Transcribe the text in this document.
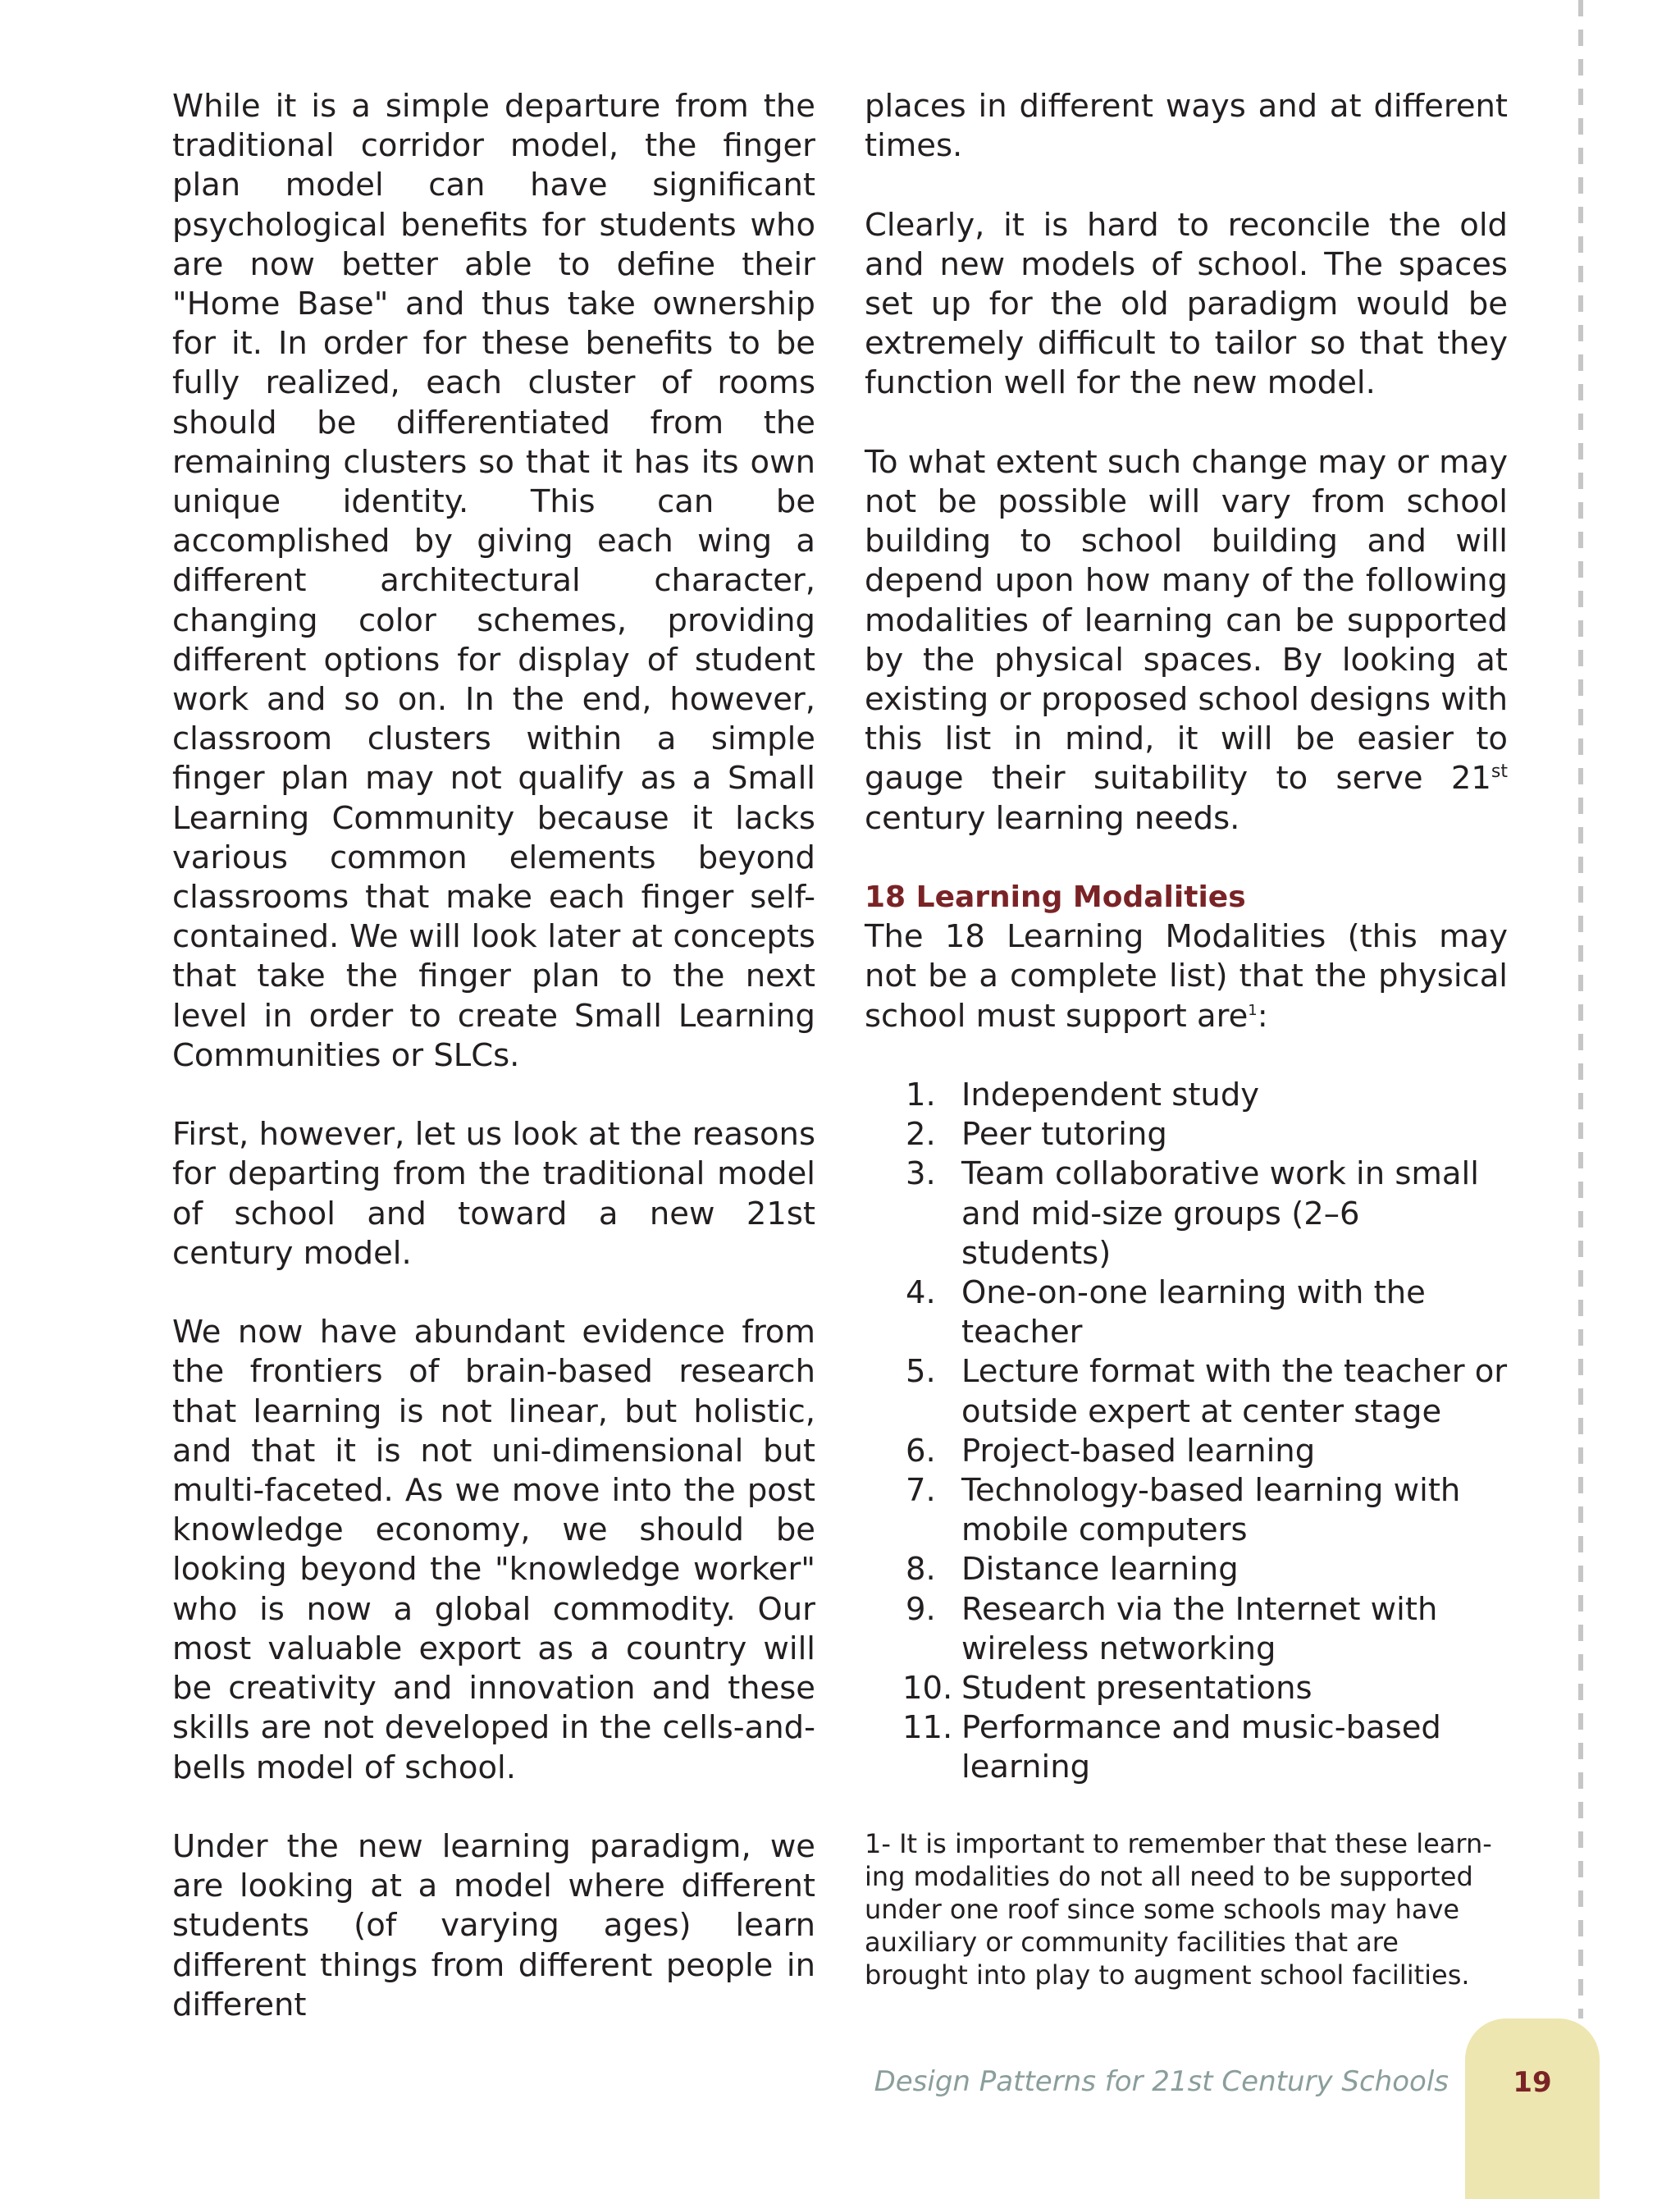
While it is a simple departure from the traditional corridor model, the finger plan model can have significant psychological benefits for students who are now better able to define their "Home Base" and thus take ownership for it. In order for these benefits to be fully realized, each cluster of rooms should be differentiated from the remaining clusters so that it has its own unique identity. This can be accomplished by giving each wing a different architectural character, changing color schemes, providing different options for display of student work and so on. In the end, however, classroom clusters within a simple finger plan may not qualify as a Small Learning Community because it lacks various common elements beyond classrooms that make each finger self-contained. We will look later at concepts that take the finger plan to the next level in order to create Small Learning Communities or SLCs.

First, however, let us look at the reasons for departing from the traditional model of school and toward a new 21st century model.

We now have abundant evidence from the frontiers of brain-based research that learning is not linear, but holistic, and that it is not uni-dimensional but multi-faceted. As we move into the post knowledge economy, we should be looking beyond the "knowledge worker" who is now a global commodity. Our most valuable export as a country will be creativity and innovation and these skills are not developed in the cells-and-bells model of school.

Under the new learning paradigm, we are looking at a model where different students (of varying ages) learn different things from different people in different

places in different ways and at different times.

Clearly, it is hard to reconcile the old and new models of school. The spaces set up for the old paradigm would be extremely difficult to tailor so that they function well for the new model.

To what extent such change may or may not be possible will vary from school building to school building and will depend upon how many of the following modalities of learning can be supported by the physical spaces. By looking at existing or proposed school designs with this list in mind, it will be easier to gauge their suitability to serve 21st century learning needs.

18 Learning Modalities

The 18 Learning Modalities (this may not be a complete list) that the physical school must support are$^1$:

1. Independent study
2. Peer tutoring
3. Team collaborative work in small and mid-size groups (2–6 students)
4. One-on-one learning with the teacher
5. Lecture format with the teacher or outside expert at center stage
6. Project-based learning
7. Technology-based learning with mobile computers
8. Distance learning
9. Research via the Internet with wireless networking
10. Student presentations
11. Performance and music-based learning

1- It is important to remember that these learn-ing modalities do not all need to be supported under one roof since some schools may have auxiliary or community facilities that are brought into play to augment school facilities.

Design Patterns for 21st Century Schools	19
